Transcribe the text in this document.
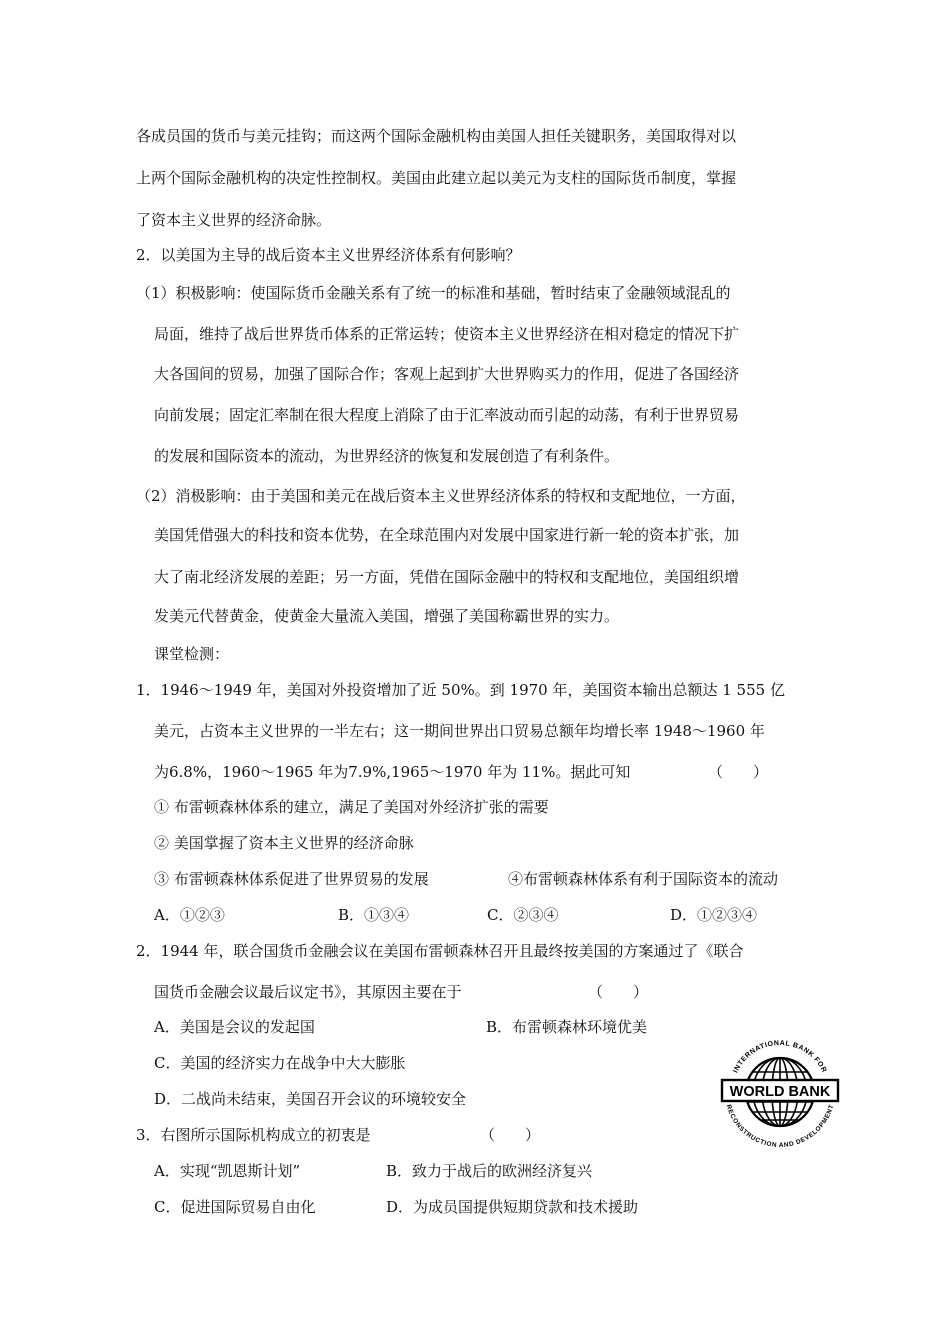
各成员国的货币与美元挂钩；而这两个国际金融机构由美国人担任关键职务，美国取得对以
上两个国际金融机构的决定性控制权。美国由此建立起以美元为支柱的国际货币制度，掌握
了资本主义世界的经济命脉。
2．以美国为主导的战后资本主义世界经济体系有何影响？
（1）积极影响：使国际货币金融关系有了统一的标准和基础，暂时结束了金融领域混乱的
局面，维持了战后世界货币体系的正常运转；使资本主义世界经济在相对稳定的情况下扩
大各国间的贸易，加强了国际合作；客观上起到扩大世界购买力的作用，促进了各国经济
向前发展；固定汇率制在很大程度上消除了由于汇率波动而引起的动荡，有利于世界贸易
的发展和国际资本的流动，为世界经济的恢复和发展创造了有利条件。
（2）消极影响：由于美国和美元在战后资本主义世界经济体系的特权和支配地位，一方面，
美国凭借强大的科技和资本优势，在全球范围内对发展中国家进行新一轮的资本扩张，加
大了南北经济发展的差距；另一方面，凭借在国际金融中的特权和支配地位，美国组织增
发美元代替黄金，使黄金大量流入美国，增强了美国称霸世界的实力。
课堂检测：
1．1946～1949 年，美国对外投资增加了近 50%。到 1970 年，美国资本输出总额达 1 555 亿
美元，占资本主义世界的一半左右；这一期间世界出口贸易总额年均增长率 1948～1960 年
为6.8%，1960～1965 年为7.9%,1965～1970 年为 11%。据此可知	（　　）
① 布雷顿森林体系的建立，满足了美国对外经济扩张的需要
② 美国掌握了资本主义世界的经济命脉
③ 布雷顿森林体系促进了世界贸易的发展	④布雷顿森林体系有利于国际资本的流动
A．①②③	B．①③④	C．②③④	D．①②③④
2．1944 年，联合国货币金融会议在美国布雷顿森林召开且最终按美国的方案通过了《联合
国货币金融会议最后议定书》，其原因主要在于	（　　）
A．美国是会议的发起国	B．布雷顿森林环境优美
C．美国的经济实力在战争中大大膨胀
D．二战尚未结束，美国召开会议的环境较安全
3．右图所示国际机构成立的初衷是	（　　）
A．实现“凯恩斯计划”	B．致力于战后的欧洲经济复兴
C．促进国际贸易自由化	D．为成员国提供短期贷款和技术援助
WORLD BANK
INTERNATIONAL BANK FOR
RECONSTRUCTION AND DEVELOPMENT
